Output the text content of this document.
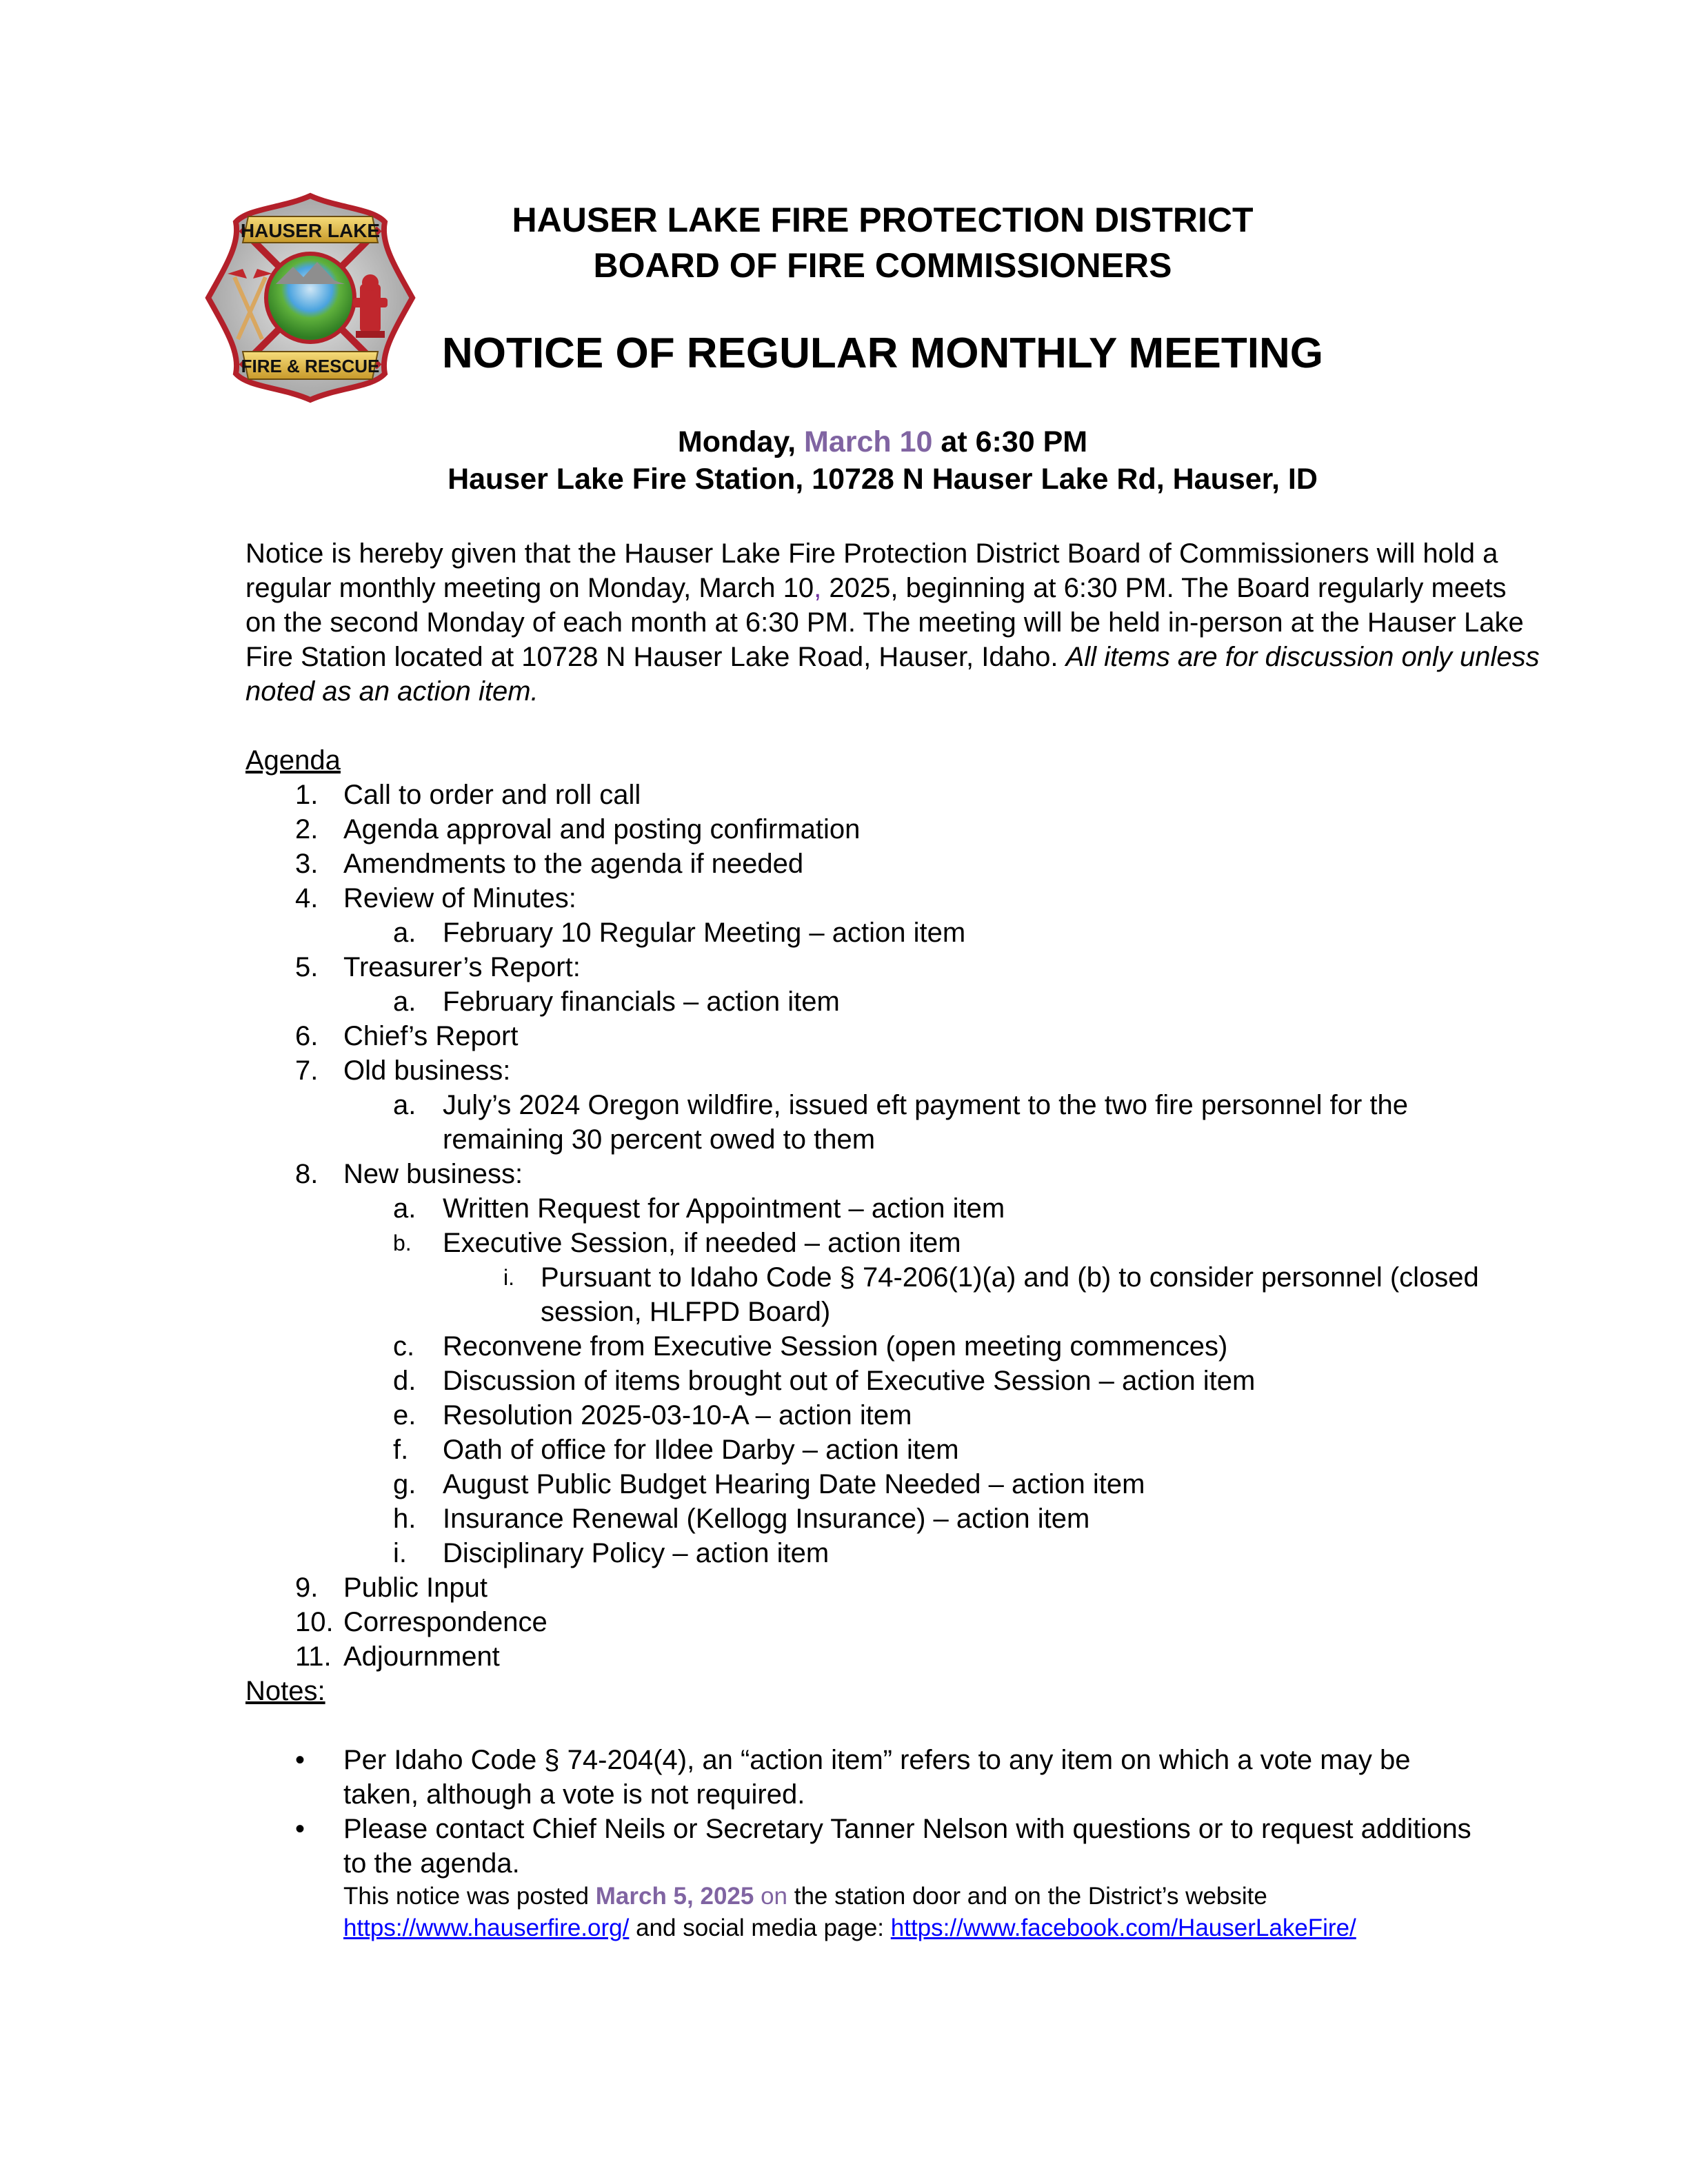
HAUSER LAKE
FIRE & RESCUE
HAUSER LAKE FIRE PROTECTION DISTRICT
BOARD OF FIRE COMMISSIONERS
NOTICE OF REGULAR MONTHLY MEETING
Monday, March 10 at 6:30 PM
Hauser Lake Fire Station, 10728 N Hauser Lake Rd, Hauser, ID
Notice is hereby given that the Hauser Lake Fire Protection District Board of Commissioners will hold a regular monthly meeting on Monday, March 10, 2025, beginning at 6:30 PM. The Board regularly meets on the second Monday of each month at 6:30 PM. The meeting will be held in-person at the Hauser Lake Fire Station located at 10728 N Hauser Lake Road, Hauser, Idaho. All items are for discussion only unless noted as an action item.
Agenda
1. Call to order and roll call
2. Agenda approval and posting confirmation
3. Amendments to the agenda if needed
4. Review of Minutes:
a. February 10 Regular Meeting – action item
5. Treasurer’s Report:
a. February financials – action item
6. Chief’s Report
7. Old business:
a. July’s 2024 Oregon wildfire, issued eft payment to the two fire personnel for the remaining 30 percent owed to them
8. New business:
a. Written Request for Appointment – action item
b. Executive Session, if needed – action item
i. Pursuant to Idaho Code § 74-206(1)(a) and (b) to consider personnel (closed session, HLFPD Board)
c. Reconvene from Executive Session (open meeting commences)
d. Discussion of items brought out of Executive Session – action item
e. Resolution 2025-03-10-A – action item
f. Oath of office for Ildee Darby – action item
g. August Public Budget Hearing Date Needed – action item
h. Insurance Renewal (Kellogg Insurance) – action item
i. Disciplinary Policy – action item
9. Public Input
10. Correspondence
11. Adjournment
Notes:
• Per Idaho Code § 74-204(4), an “action item” refers to any item on which a vote may be taken, although a vote is not required.
• Please contact Chief Neils or Secretary Tanner Nelson with questions or to request additions to the agenda.
This notice was posted March 5, 2025 on the station door and on the District’s website
https://www.hauserfire.org/ and social media page: https://www.facebook.com/HauserLakeFire/
